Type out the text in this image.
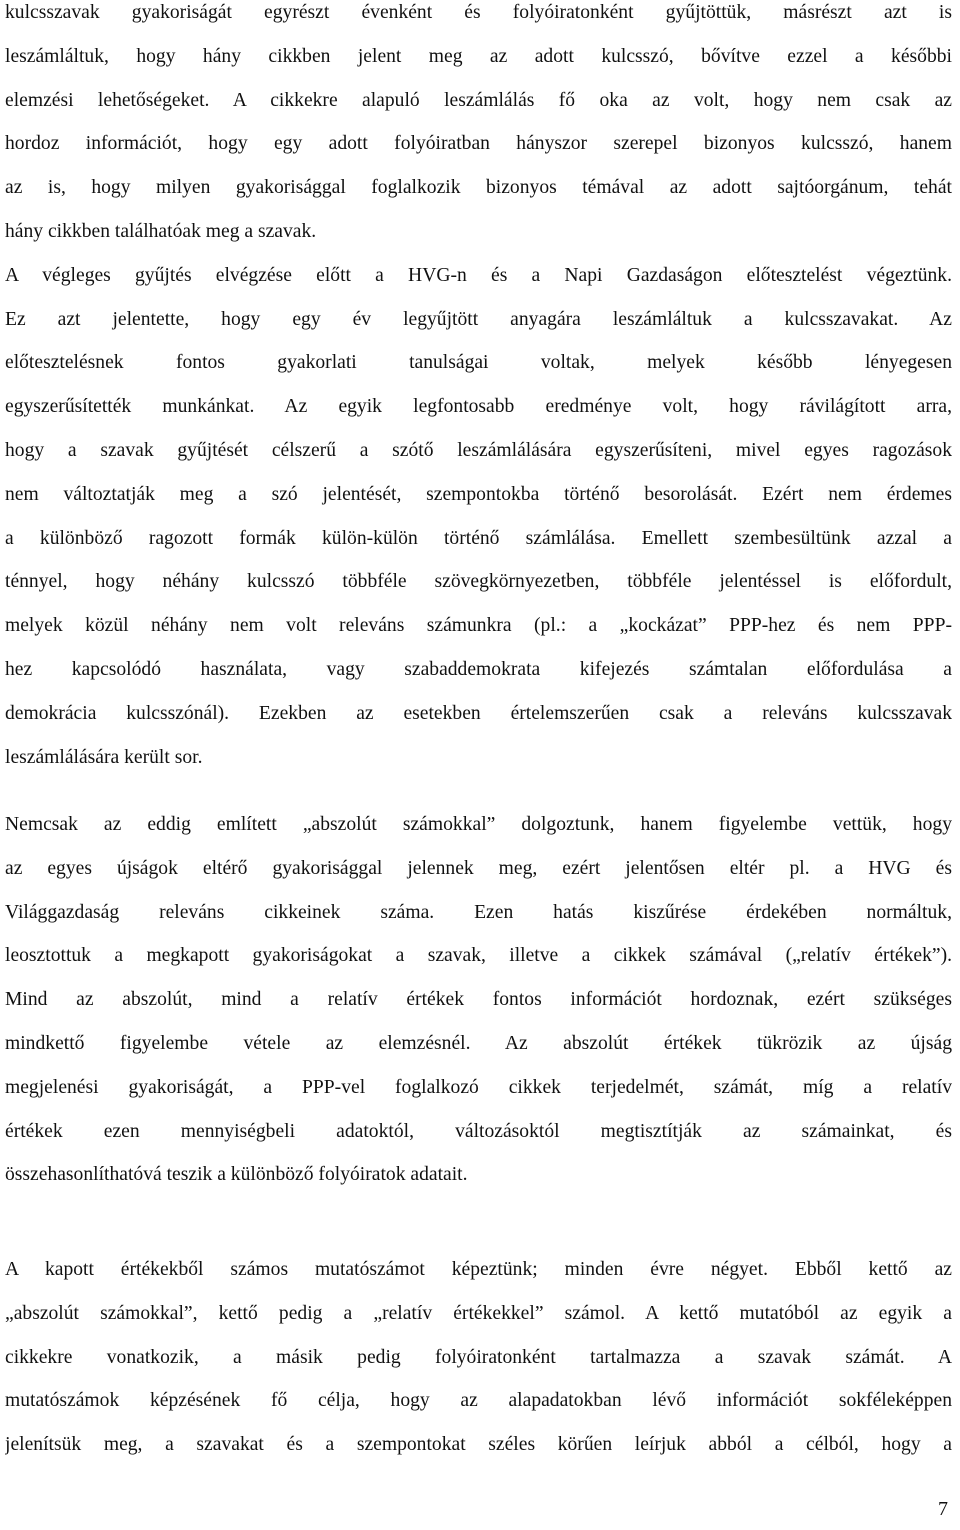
kulcsszavak gyakoriságát egyrészt évenként és folyóiratonként gyűjtöttük, másrészt azt is
leszámláltuk, hogy hány cikkben jelent meg az adott kulcsszó, bővítve ezzel a későbbi
elemzési lehetőségeket. A cikkekre alapuló leszámlálás fő oka az volt, hogy nem csak az
hordoz információt, hogy egy adott folyóiratban hányszor szerepel bizonyos kulcsszó, hanem
az is, hogy milyen gyakorisággal foglalkozik bizonyos témával az adott sajtóorgánum, tehát
hány cikkben találhatóak meg a szavak.
A végleges gyűjtés elvégzése előtt a HVG-n és a Napi Gazdaságon előtesztelést végeztünk.
Ez azt jelentette, hogy egy év legyűjtött anyagára leszámláltuk a kulcsszavakat. Az
előtesztelésnek fontos gyakorlati tanulságai voltak, melyek később lényegesen
egyszerűsítették munkánkat. Az egyik legfontosabb eredménye volt, hogy rávilágított arra,
hogy a szavak gyűjtését célszerű a szótő leszámlálására egyszerűsíteni, mivel egyes ragozások
nem változtatják meg a szó jelentését, szempontokba történő besorolását. Ezért nem érdemes
a különböző ragozott formák külön-külön történő számlálása. Emellett szembesültünk azzal a
ténnyel, hogy néhány kulcsszó többféle szövegkörnyezetben, többféle jelentéssel is előfordult,
melyek közül néhány nem volt releváns számunkra (pl.: a „kockázat” PPP-hez és nem PPP-
hez kapcsolódó használata, vagy szabaddemokrata kifejezés számtalan előfordulása a
demokrácia kulcsszónál). Ezekben az esetekben értelemszerűen csak a releváns kulcsszavak
leszámlálására került sor.
Nemcsak az eddig említett „abszolút számokkal” dolgoztunk, hanem figyelembe vettük, hogy
az egyes újságok eltérő gyakorisággal jelennek meg, ezért jelentősen eltér pl. a HVG és
Világgazdaság releváns cikkeinek száma. Ezen hatás kiszűrése érdekében normáltuk,
leosztottuk a megkapott gyakoriságokat a szavak, illetve a cikkek számával („relatív értékek”).
Mind az abszolút, mind a relatív értékek fontos információt hordoznak, ezért szükséges
mindkettő figyelembe vétele az elemzésnél. Az abszolút értékek tükrözik az újság
megjelenési gyakoriságát, a PPP-vel foglalkozó cikkek terjedelmét, számát, míg a relatív
értékek ezen mennyiségbeli adatoktól, változásoktól megtisztítják az számainkat, és
összehasonlíthatóvá teszik a különböző folyóiratok adatait.
A kapott értékekből számos mutatószámot képeztünk; minden évre négyet. Ebből kettő az
„abszolút számokkal”, kettő pedig a „relatív értékekkel” számol. A kettő mutatóból az egyik a
cikkekre vonatkozik, a másik pedig folyóiratonként tartalmazza a szavak számát. A
mutatószámok képzésének fő célja, hogy az alapadatokban lévő információt sokféleképpen
jelenítsük meg, a szavakat és a szempontokat széles körűen leírjuk abból a célból, hogy a
7
